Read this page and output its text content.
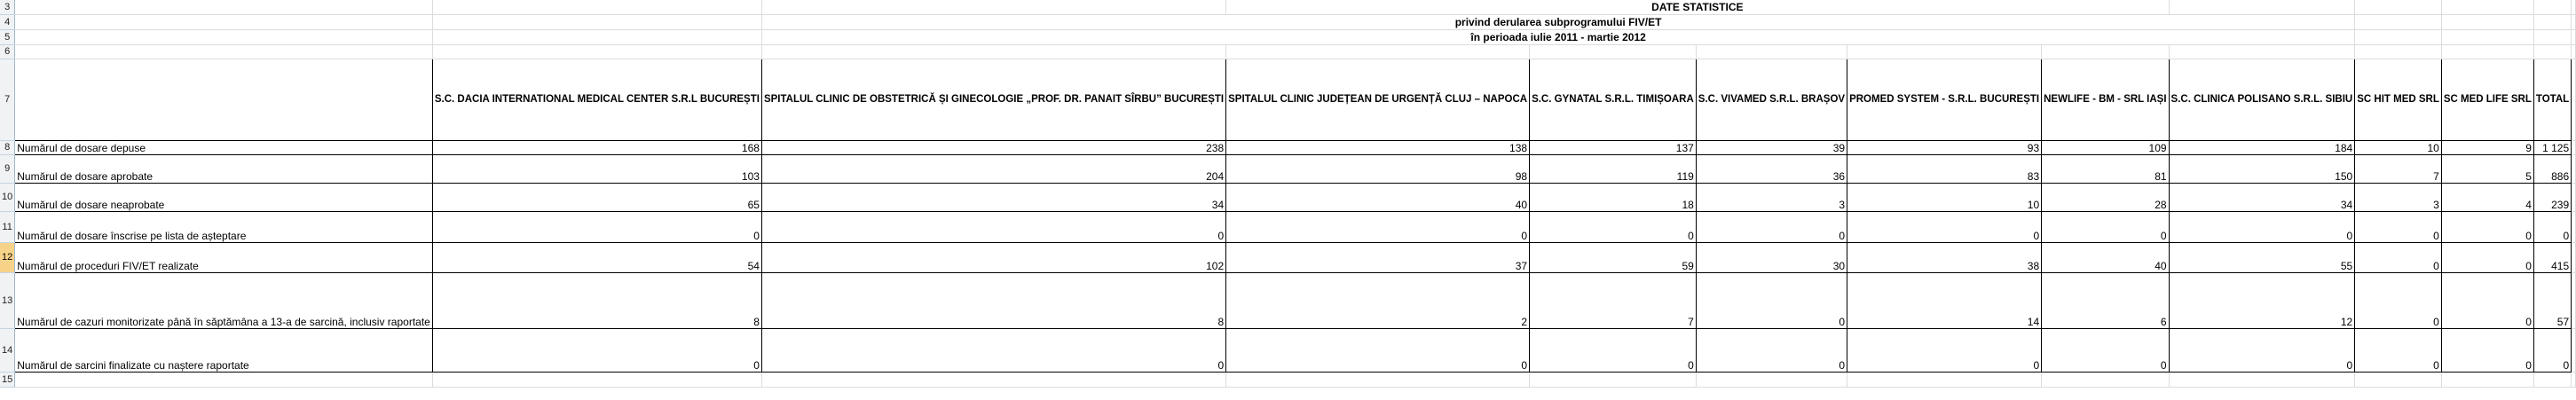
3				DATE STATISTICE									
4			privind derularea subprogramului FIV/ET										
5			în perioada iulie 2011 - martie 2012										
6													
7		S.C. DACIA INTERNATIONAL MEDICAL CENTER S.R.L BUCUREȘTI	SPITALUL CLINIC DE OBSTETRICĂ ȘI GINECOLOGIE „PROF. DR. PANAIT SÎRBU” BUCUREȘTI	SPITALUL CLINIC JUDEȚEAN DE URGENȚĂ CLUJ – NAPOCA	S.C. GYNATAL S.R.L. TIMIȘOARA	S.C. VIVAMED S.R.L. BRAȘOV	PROMED SYSTEM - S.R.L. BUCUREȘTI	NEWLIFE - BM - SRL IAȘI	S.C. CLINICA POLISANO S.R.L. SIBIU	SC HIT MED SRL	SC MED LIFE SRL	TOTAL	
8	Numărul de dosare depuse	168	238	138	137	39	93	109	184	10	9	1 125	
9	Numărul de dosare aprobate	103	204	98	119	36	83	81	150	7	5	886	
10	Numărul de dosare neaprobate	65	34	40	18	3	10	28	34	3	4	239	
11	Numărul de dosare înscrise pe lista de așteptare	0	0	0	0	0	0	0	0	0	0	0	
12	Numărul de proceduri FIV/ET realizate	54	102	37	59	30	38	40	55	0	0	415	
13	Numărul de cazuri monitorizate până în săptămâna a 13-a de sarcină, inclusiv raportate	8	8	2	7	0	14	6	12	0	0	57	
14	Numărul de sarcini finalizate cu naștere raportate	0	0	0	0	0	0	0	0	0	0	0	
15													
